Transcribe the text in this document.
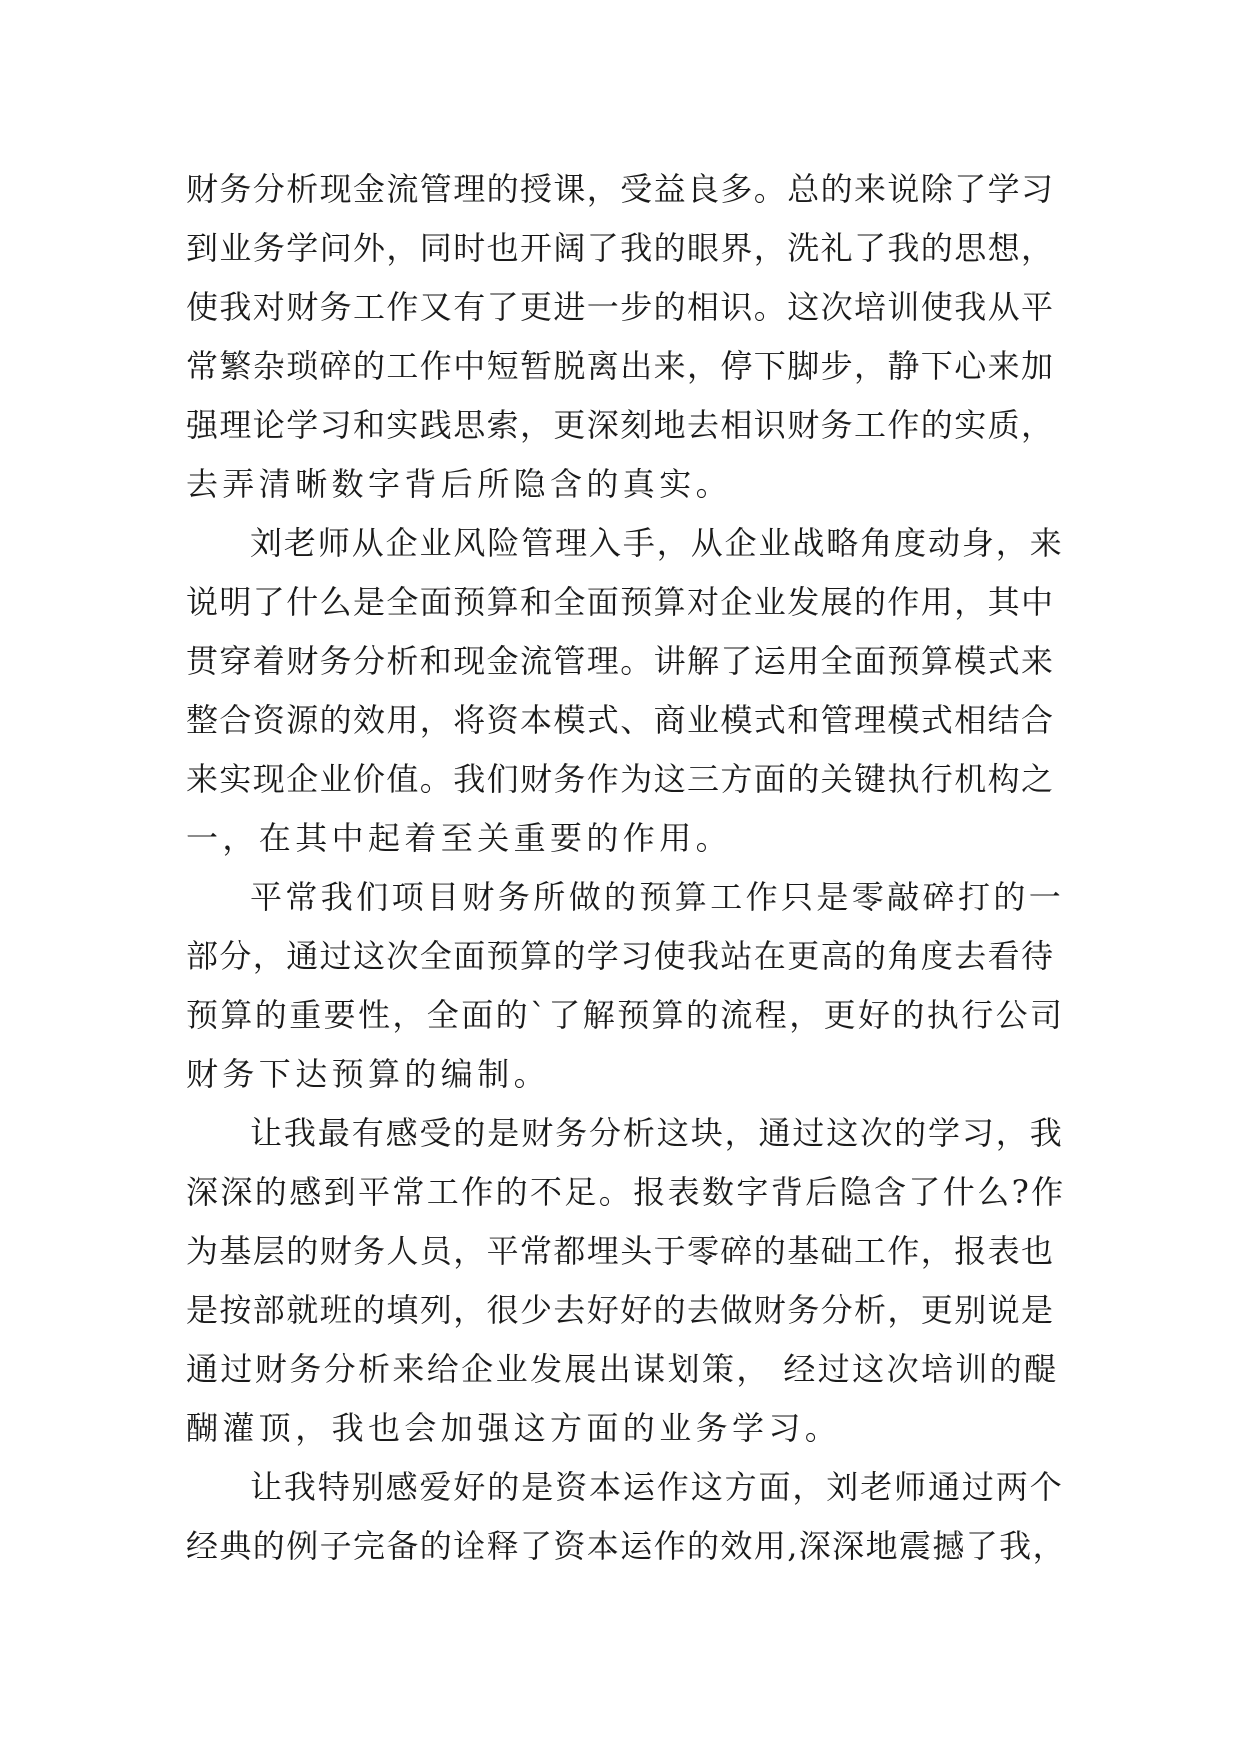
财务分析现金流管理的授课，受益良多。总的来说除了学习
到业务学问外，同时也开阔了我的眼界，洗礼了我的思想，
使我对财务工作又有了更进一步的相识。这次培训使我从平
常繁杂琐碎的工作中短暂脱离出来，停下脚步，静下心来加
强理论学习和实践思索，更深刻地去相识财务工作的实质，
去弄清晰数字背后所隐含的真实。
刘老师从企业风险管理入手，从企业战略角度动身，来
说明了什么是全面预算和全面预算对企业发展的作用，其中
贯穿着财务分析和现金流管理。讲解了运用全面预算模式来
整合资源的效用，将资本模式、商业模式和管理模式相结合
来实现企业价值。我们财务作为这三方面的关键执行机构之
一，在其中起着至关重要的作用。
平常我们项目财务所做的预算工作只是零敲碎打的一
部分，通过这次全面预算的学习使我站在更高的角度去看待
预算的重要性，全面的`了解预算的流程，更好的执行公司
财务下达预算的编制。
让我最有感受的是财务分析这块，通过这次的学习，我
深深的感到平常工作的不足。报表数字背后隐含了什么?作
为基层的财务人员，平常都埋头于零碎的基础工作，报表也
是按部就班的填列，很少去好好的去做财务分析，更别说是
通过财务分析来给企业发展出谋划策， 经过这次培训的醍
醐灌顶，我也会加强这方面的业务学习。
让我特别感爱好的是资本运作这方面，刘老师通过两个
经典的例子完备的诠释了资本运作的效用,深深地震撼了我，
